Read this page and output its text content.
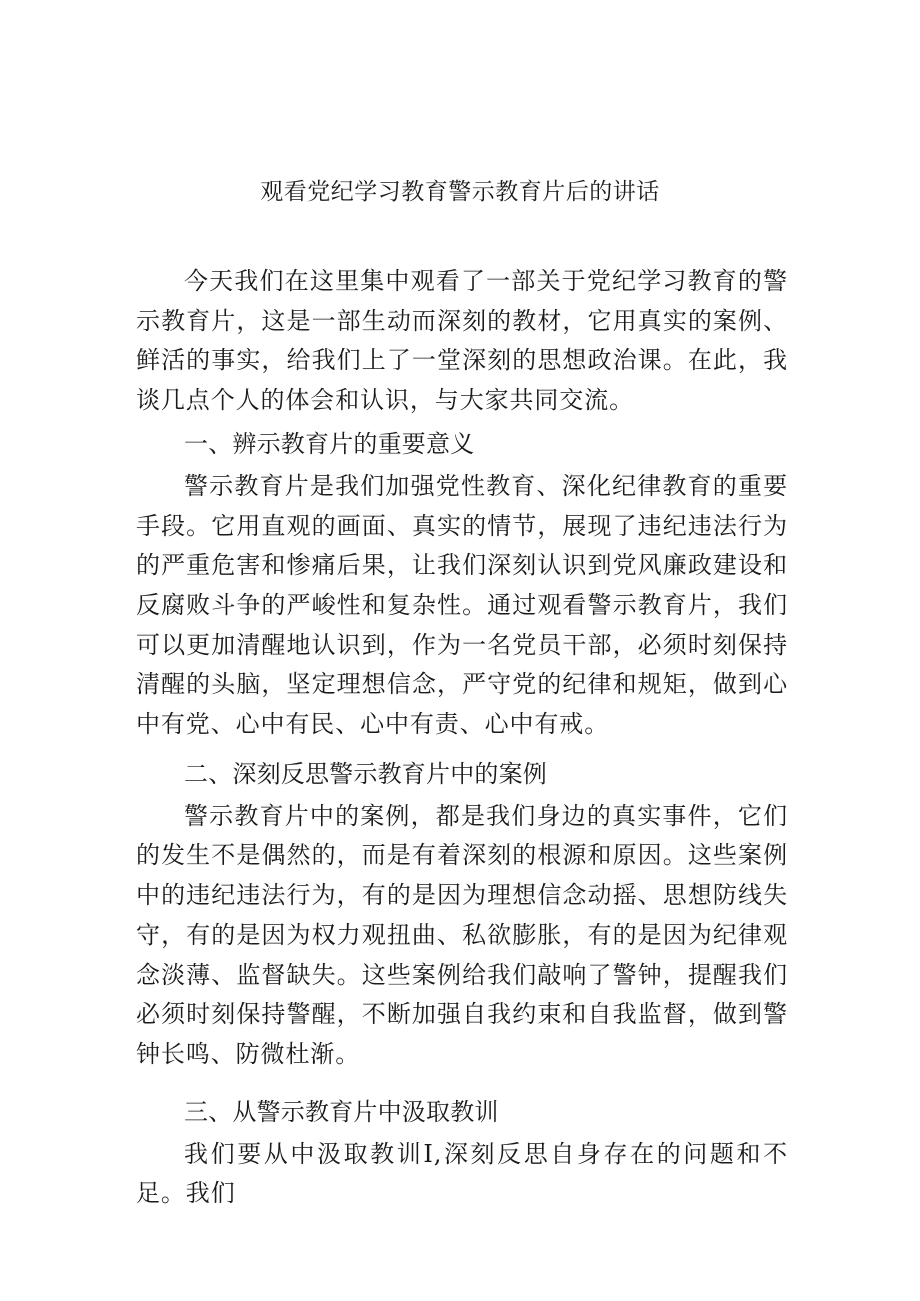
观看党纪学习教育警示教育片后的讲话

今天我们在这里集中观看了一部关于党纪学习教育的警示教育片，这是一部生动而深刻的教材，它用真实的案例、鲜活的事实，给我们上了一堂深刻的思想政治课。在此，我谈几点个人的体会和认识，与大家共同交流。

一、辨示教育片的重要意义

警示教育片是我们加强党性教育、深化纪律教育的重要手段。它用直观的画面、真实的情节，展现了违纪违法行为的严重危害和惨痛后果，让我们深刻认识到党风廉政建设和反腐败斗争的严峻性和复杂性。通过观看警示教育片，我们可以更加清醒地认识到，作为一名党员干部，必须时刻保持清醒的头脑，坚定理想信念，严守党的纪律和规矩，做到心中有党、心中有民、心中有责、心中有戒。

二、深刻反思警示教育片中的案例

警示教育片中的案例，都是我们身边的真实事件，它们的发生不是偶然的，而是有着深刻的根源和原因。这些案例中的违纪违法行为，有的是因为理想信念动摇、思想防线失守，有的是因为权力观扭曲、私欲膨胀，有的是因为纪律观念淡薄、监督缺失。这些案例给我们敲响了警钟，提醒我们必须时刻保持警醒，不断加强自我约束和自我监督，做到警钟长鸣、防微杜渐。

三、从警示教育片中汲取教训

我们要从中汲取教训I,深刻反思自身存在的问题和不足。我们
